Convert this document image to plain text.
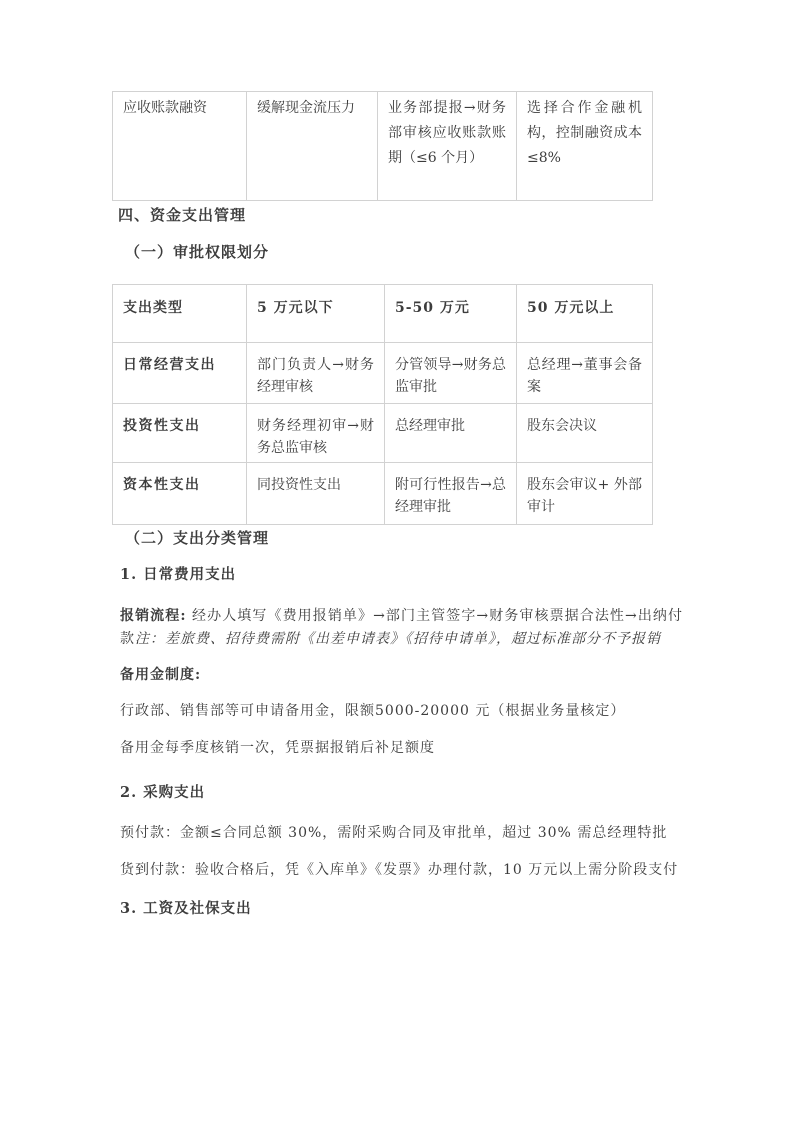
应收账款融资	缓解现金流压力	业务部提报→财务部审核应收账款账期（≤6 个月）	选择合作金融机构，控制融资成本≤8%
四、资金支出管理
（一）审批权限划分
支出类型	5 万元以下	5-50 万元	50 万元以上
日常经营支出	部门负责人→财务经理审核	分管领导→财务总监审批	总经理→董事会备案
投资性支出	财务经理初审→财务总监审核	总经理审批	股东会决议
资本性支出	同投资性支出	附可行性报告→总经理审批	股东会审议+ 外部审计
（二）支出分类管理
1. 日常费用支出

报销流程: 经办人填写《费用报销单》→部门主管签字→财务审核票据合法性→出纳付款注：差旅费、招待费需附《出差申请表》《招待申请单》，超过标准部分不予报销

备用金制度:

行政部、销售部等可申请备用金，限额5000-20000 元（根据业务量核定）

备用金每季度核销一次，凭票据报销后补足额度

2. 采购支出

预付款：金额≤合同总额 30%，需附采购合同及审批单，超过 30% 需总经理特批

货到付款：验收合格后，凭《入库单》《发票》办理付款，10 万元以上需分阶段支付

3. 工资及社保支出
